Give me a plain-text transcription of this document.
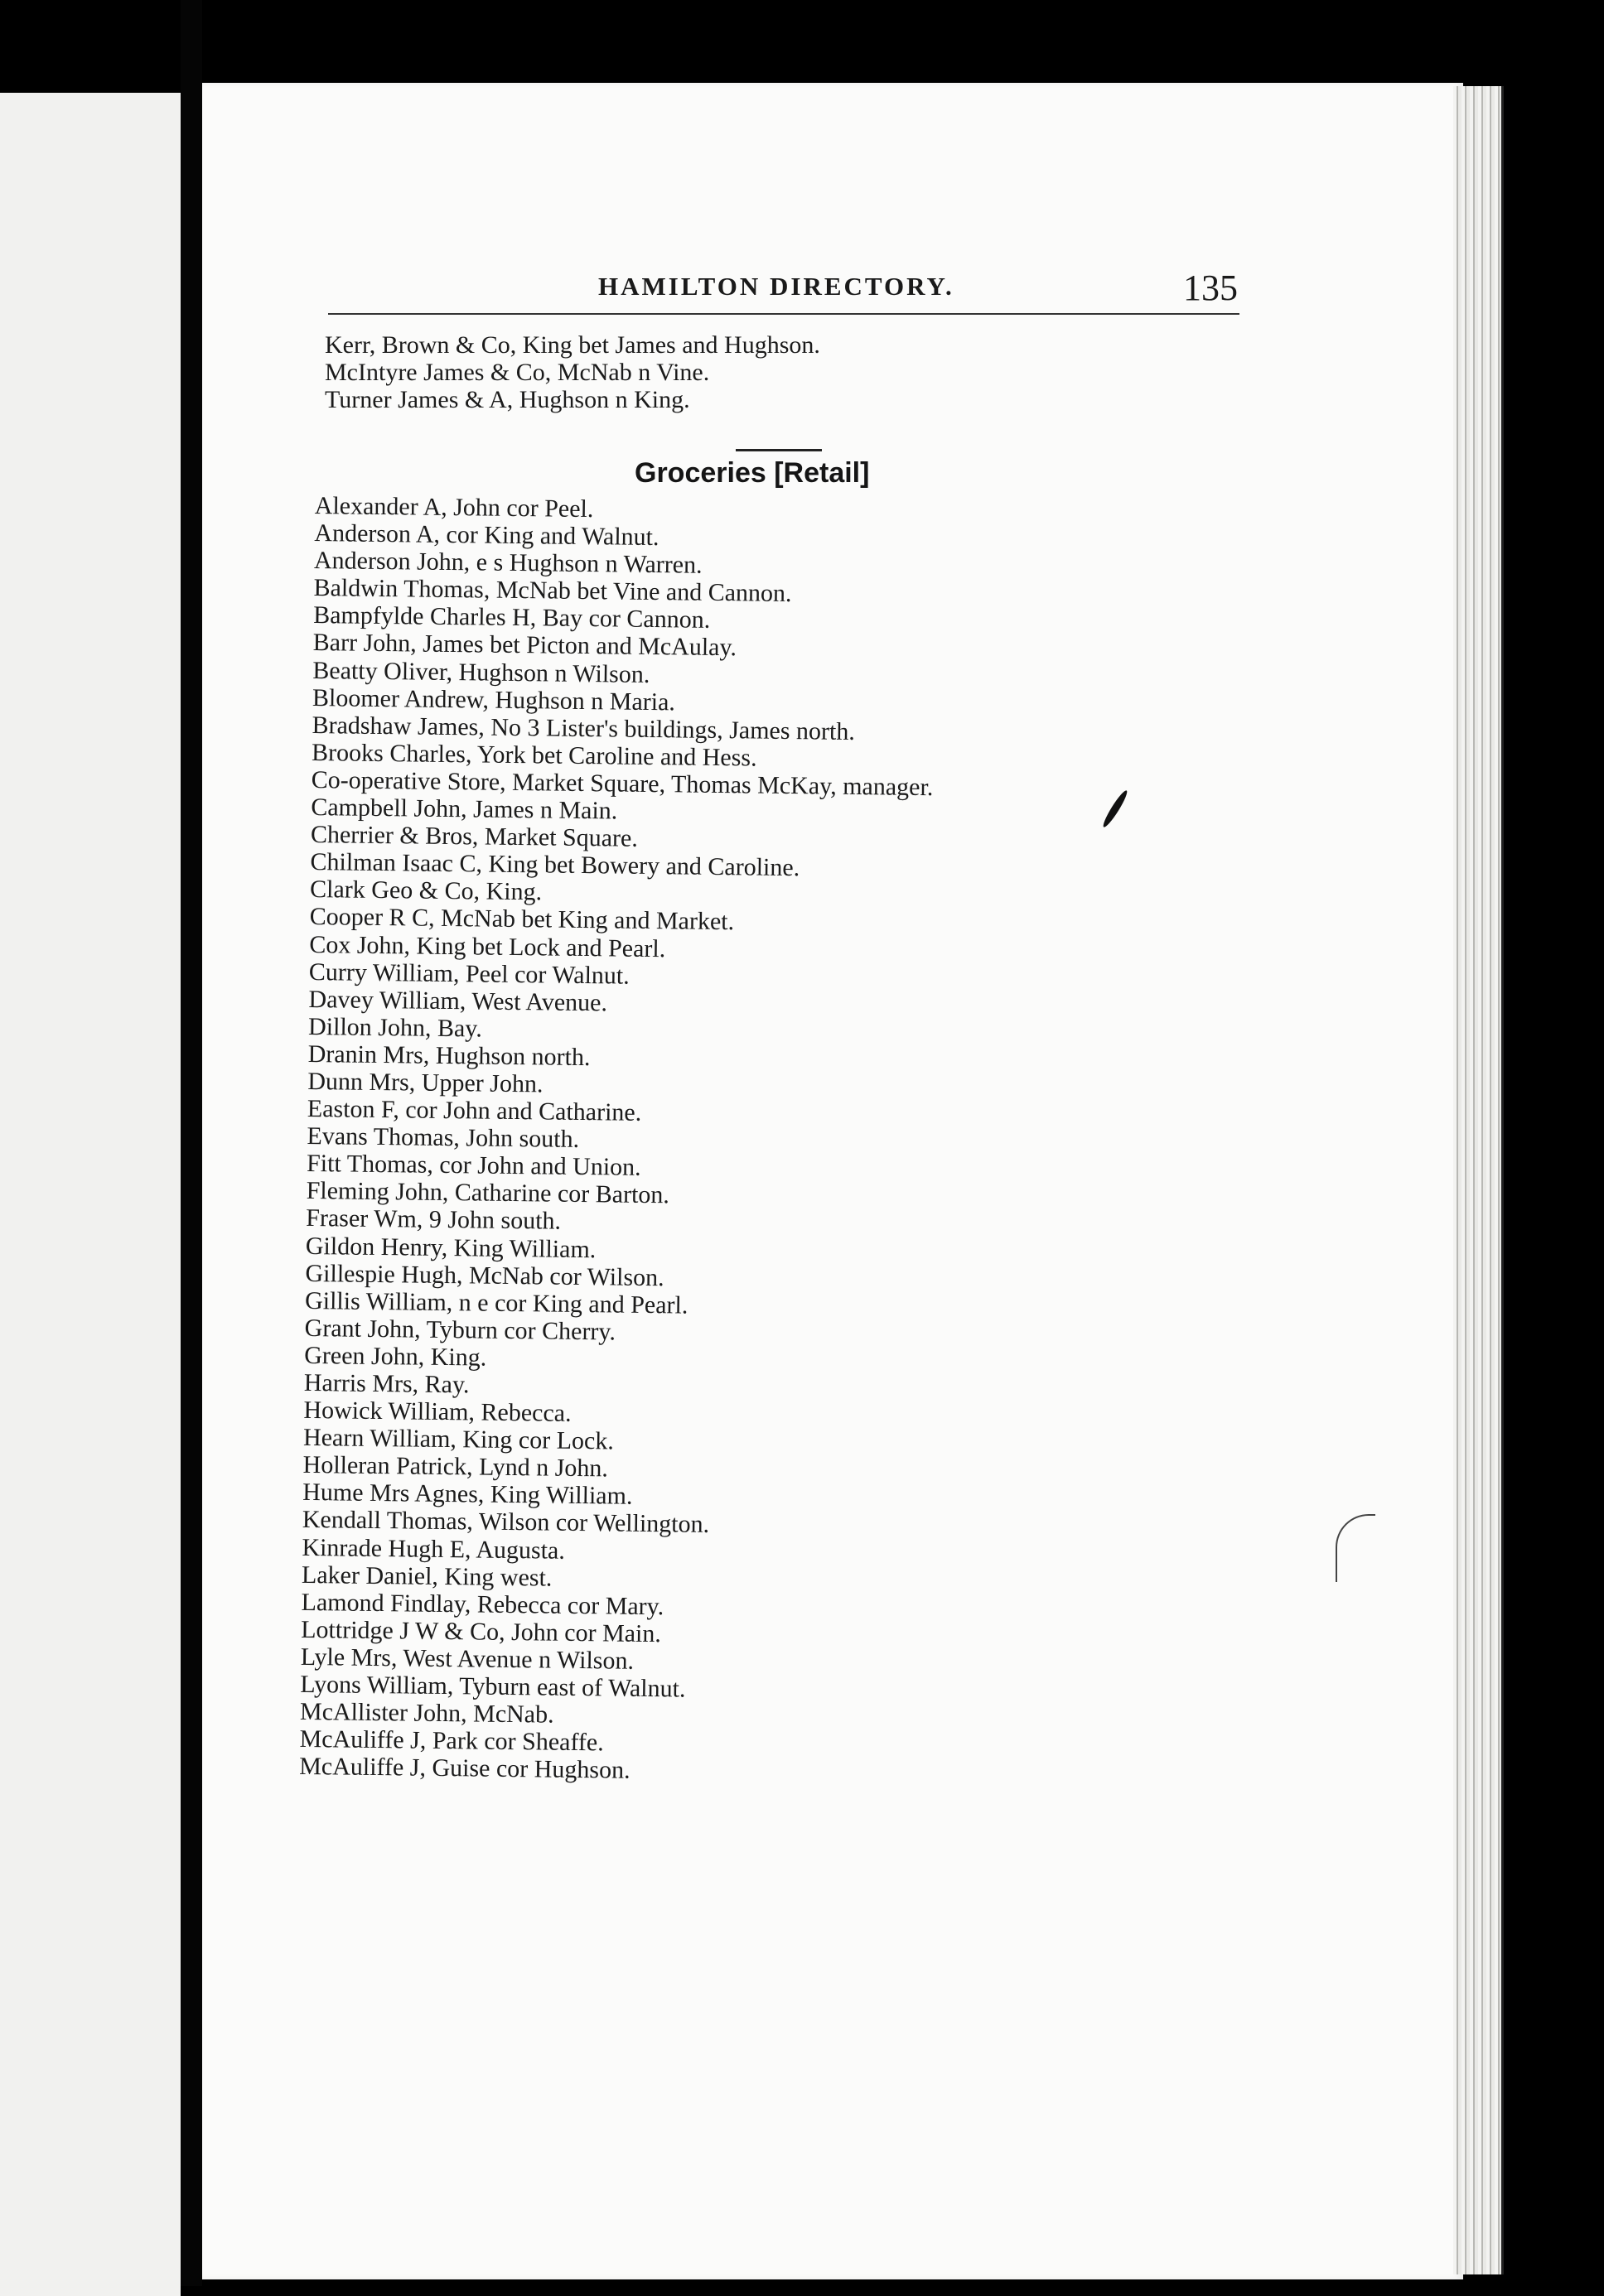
HAMILTON DIRECTORY.	135
Kerr, Brown & Co, King bet James and Hughson.
McIntyre James & Co, McNab n Vine.
Turner James & A, Hughson n King.
Groceries [Retail]
Alexander A, John cor Peel.
Anderson A, cor King and Walnut.
Anderson John, e s Hughson n Warren.
Baldwin Thomas, McNab bet Vine and Cannon.
Bampfylde Charles H, Bay cor Cannon.
Barr John, James bet Picton and McAulay.
Beatty Oliver, Hughson n Wilson.
Bloomer Andrew, Hughson n Maria.
Bradshaw James, No 3 Lister's buildings, James north.
Brooks Charles, York bet Caroline and Hess.
Co-operative Store, Market Square, Thomas McKay, manager.
Campbell John, James n Main.
Cherrier & Bros, Market Square.
Chilman Isaac C, King bet Bowery and Caroline.
Clark Geo & Co, King.
Cooper R C, McNab bet King and Market.
Cox John, King bet Lock and Pearl.
Curry William, Peel cor Walnut.
Davey William, West Avenue.
Dillon John, Bay.
Dranin Mrs, Hughson north.
Dunn Mrs, Upper John.
Easton F, cor John and Catharine.
Evans Thomas, John south.
Fitt Thomas, cor John and Union.
Fleming John, Catharine cor Barton.
Fraser Wm, 9 John south.
Gildon Henry, King William.
Gillespie Hugh, McNab cor Wilson.
Gillis William, n e cor King and Pearl.
Grant John, Tyburn cor Cherry.
Green John, King.
Harris Mrs, Ray.
Howick William, Rebecca.
Hearn William, King cor Lock.
Holleran Patrick, Lynd n John.
Hume Mrs Agnes, King William.
Kendall Thomas, Wilson cor Wellington.
Kinrade Hugh E, Augusta.
Laker Daniel, King west.
Lamond Findlay, Rebecca cor Mary.
Lottridge J W & Co, John cor Main.
Lyle Mrs, West Avenue n Wilson.
Lyons William, Tyburn east of Walnut.
McAllister John, McNab.
McAuliffe J, Park cor Sheaffe.
McAuliffe J, Guise cor Hughson.
